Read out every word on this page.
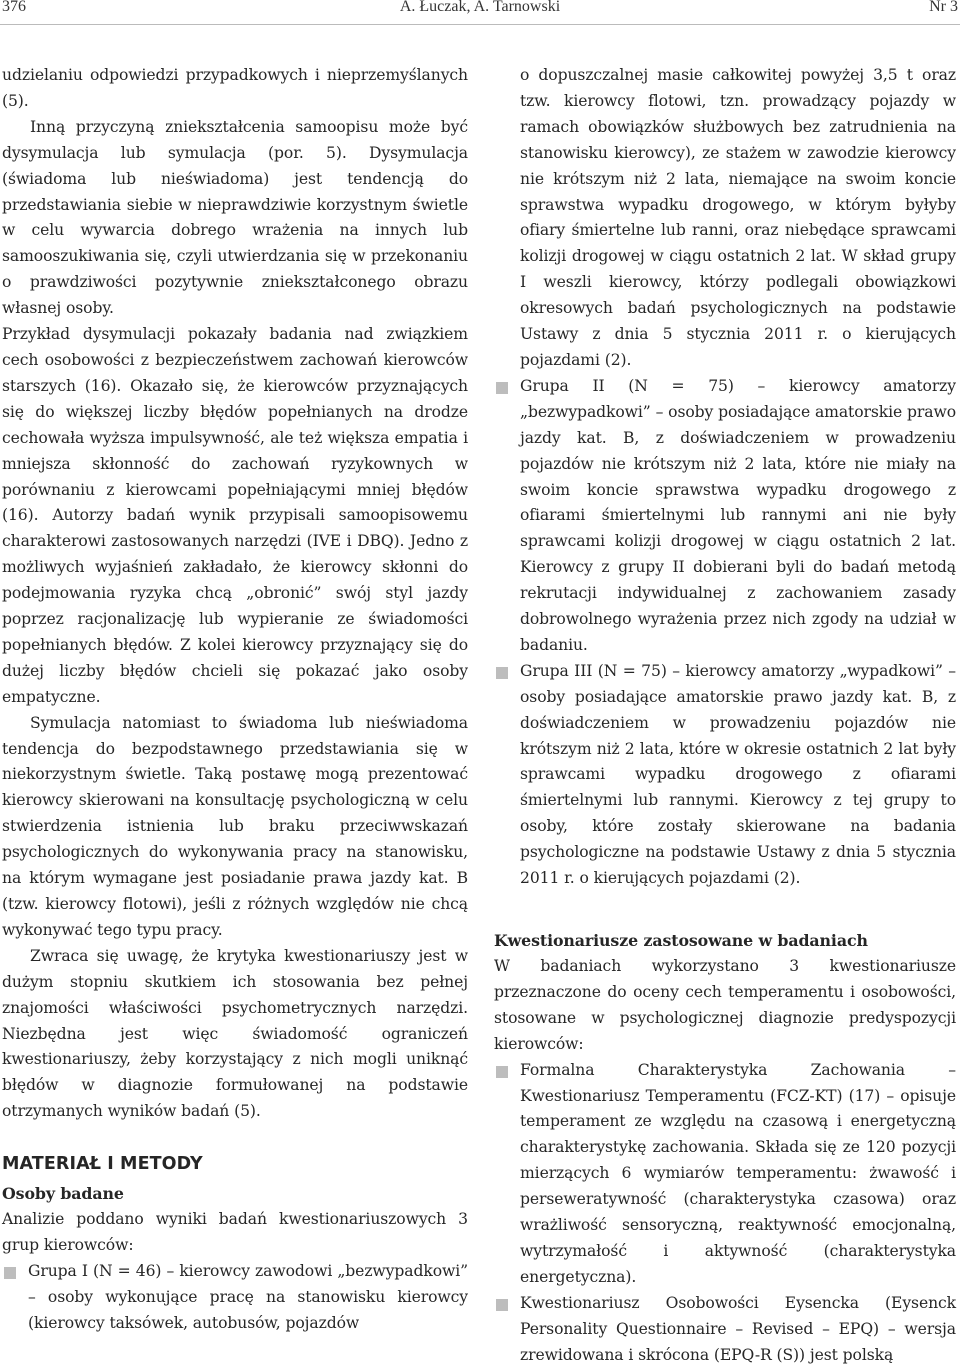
376	A. Łuczak, A. Tarnowski	Nr 3

udzielaniu odpowiedzi przypadkowych i nieprzemyślanych (5).

Inną przyczyną zniekształcenia samoopisu może być dysymulacja lub symulacja (por. 5). Dysymulacja (świadoma lub nieświadoma) jest tendencją do przedstawiania siebie w nieprawdziwie korzystnym świetle w celu wywarcia dobrego wrażenia na innych lub samooszukiwania się, czyli utwierdzania się w przekonaniu o prawdziwości pozytywnie zniekształconego obrazu własnej osoby.

Przykład dysymulacji pokazały badania nad związkiem cech osobowości z bezpieczeństwem zachowań kierowców starszych (16). Okazało się, że kierowców przyznających się do większej liczby błędów popełnianych na drodze cechowała wyższa impulsywność, ale też większa empatia i mniejsza skłonność do zachowań ryzykownych w porównaniu z kierowcami popełniającymi mniej błędów (16). Autorzy badań wynik przypisali samoopisowemu charakterowi zastosowanych narzędzi (IVE i DBQ). Jedno z możliwych wyjaśnień zakładało, że kierowcy skłonni do podejmowania ryzyka chcą „obronić” swój styl jazdy poprzez racjonalizację lub wypieranie ze świadomości popełnianych błędów. Z kolei kierowcy przyznający się do dużej liczby błędów chcieli się pokazać jako osoby empatyczne.

Symulacja natomiast to świadoma lub nieświadoma tendencja do bezpodstawnego przedstawiania się w niekorzystnym świetle. Taką postawę mogą prezentować kierowcy skierowani na konsultację psychologiczną w celu stwierdzenia istnienia lub braku przeciwwskazań psychologicznych do wykonywania pracy na stanowisku, na którym wymagane jest posiadanie prawa jazdy kat. B (tzw. kierowcy flotowi), jeśli z różnych względów nie chcą wykonywać tego typu pracy.

Zwraca się uwagę, że krytyka kwestionariuszy jest w dużym stopniu skutkiem ich stosowania bez pełnej znajomości właściwości psychometrycznych narzędzi. Niezbędna jest więc świadomość ograniczeń kwestionariuszy, żeby korzystający z nich mogli uniknąć błędów w diagnozie formułowanej na podstawie otrzymanych wyników badań (5).

MATERIAŁ I METODY
Osoby badane

Analizie poddano wyniki badań kwestionariuszowych 3 grup kierowców:

Grupa I (N = 46) – kierowcy zawodowi „bezwypadkowi” – osoby wykonujące pracę na stanowisku kierowcy (kierowcy taksówek, autobusów, pojazdów
o dopuszczalnej masie całkowitej powyżej 3,5 t oraz tzw. kierowcy flotowi, tzn. prowadzący pojazdy w ramach obowiązków służbowych bez zatrudnienia na stanowisku kierowcy), ze stażem w zawodzie kierowcy nie krótszym niż 2 lata, niemające na swoim koncie sprawstwa wypadku drogowego, w którym byłyby ofiary śmiertelne lub ranni, oraz niebędące sprawcami kolizji drogowej w ciągu ostatnich 2 lat. W skład grupy I weszli kierowcy, którzy podlegali obowiązkowi okresowych badań psychologicznych na podstawie Ustawy z dnia 5 stycznia 2011 r. o kierujących pojazdami (2).
Grupa II (N = 75) – kierowcy amatorzy „bezwypadkowi” – osoby posiadające amatorskie prawo jazdy kat. B, z doświadczeniem w prowadzeniu pojazdów nie krótszym niż 2 lata, które nie miały na swoim koncie sprawstwa wypadku drogowego z ofiarami śmiertelnymi lub rannymi ani nie były sprawcami kolizji drogowej w ciągu ostatnich 2 lat. Kierowcy z grupy II dobierani byli do badań metodą rekrutacji indywidualnej z zachowaniem zasady dobrowolnego wyrażenia przez nich zgody na udział w badaniu.
Grupa III (N = 75) – kierowcy amatorzy „wypadkowi” – osoby posiadające amatorskie prawo jazdy kat. B, z doświadczeniem w prowadzeniu pojazdów nie krótszym niż 2 lata, które w okresie ostatnich 2 lat były sprawcami wypadku drogowego z ofiarami śmiertelnymi lub rannymi. Kierowcy z tej grupy to osoby, które zostały skierowane na badania psychologiczne na podstawie Ustawy z dnia 5 stycznia 2011 r. o kierujących pojazdami (2).
Kwestionariusze zastosowane w badaniach

W badaniach wykorzystano 3 kwestionariusze przeznaczone do oceny cech temperamentu i osobowości, stosowane w psychologicznej diagnozie predyspozycji kierowców:

Formalna Charakterystyka Zachowania – Kwestionariusz Temperamentu (FCZ-KT) (17) – opisuje temperament ze względu na czasową i energetyczną charakterystykę zachowania. Składa się ze 120 pozycji mierzących 6 wymiarów temperamentu: żwawość i perseweratywność (charakterystyka czasowa) oraz wrażliwość sensoryczną, reaktywność emocjonalną, wytrzymałość i aktywność (charakterystyka energetyczna).
Kwestionariusz Osobowości Eysencka (Eysenck Personality Questionnaire – Revised – EPQ) – wersja zrewidowana i skrócona (EPQ-R (S)) jest polską
